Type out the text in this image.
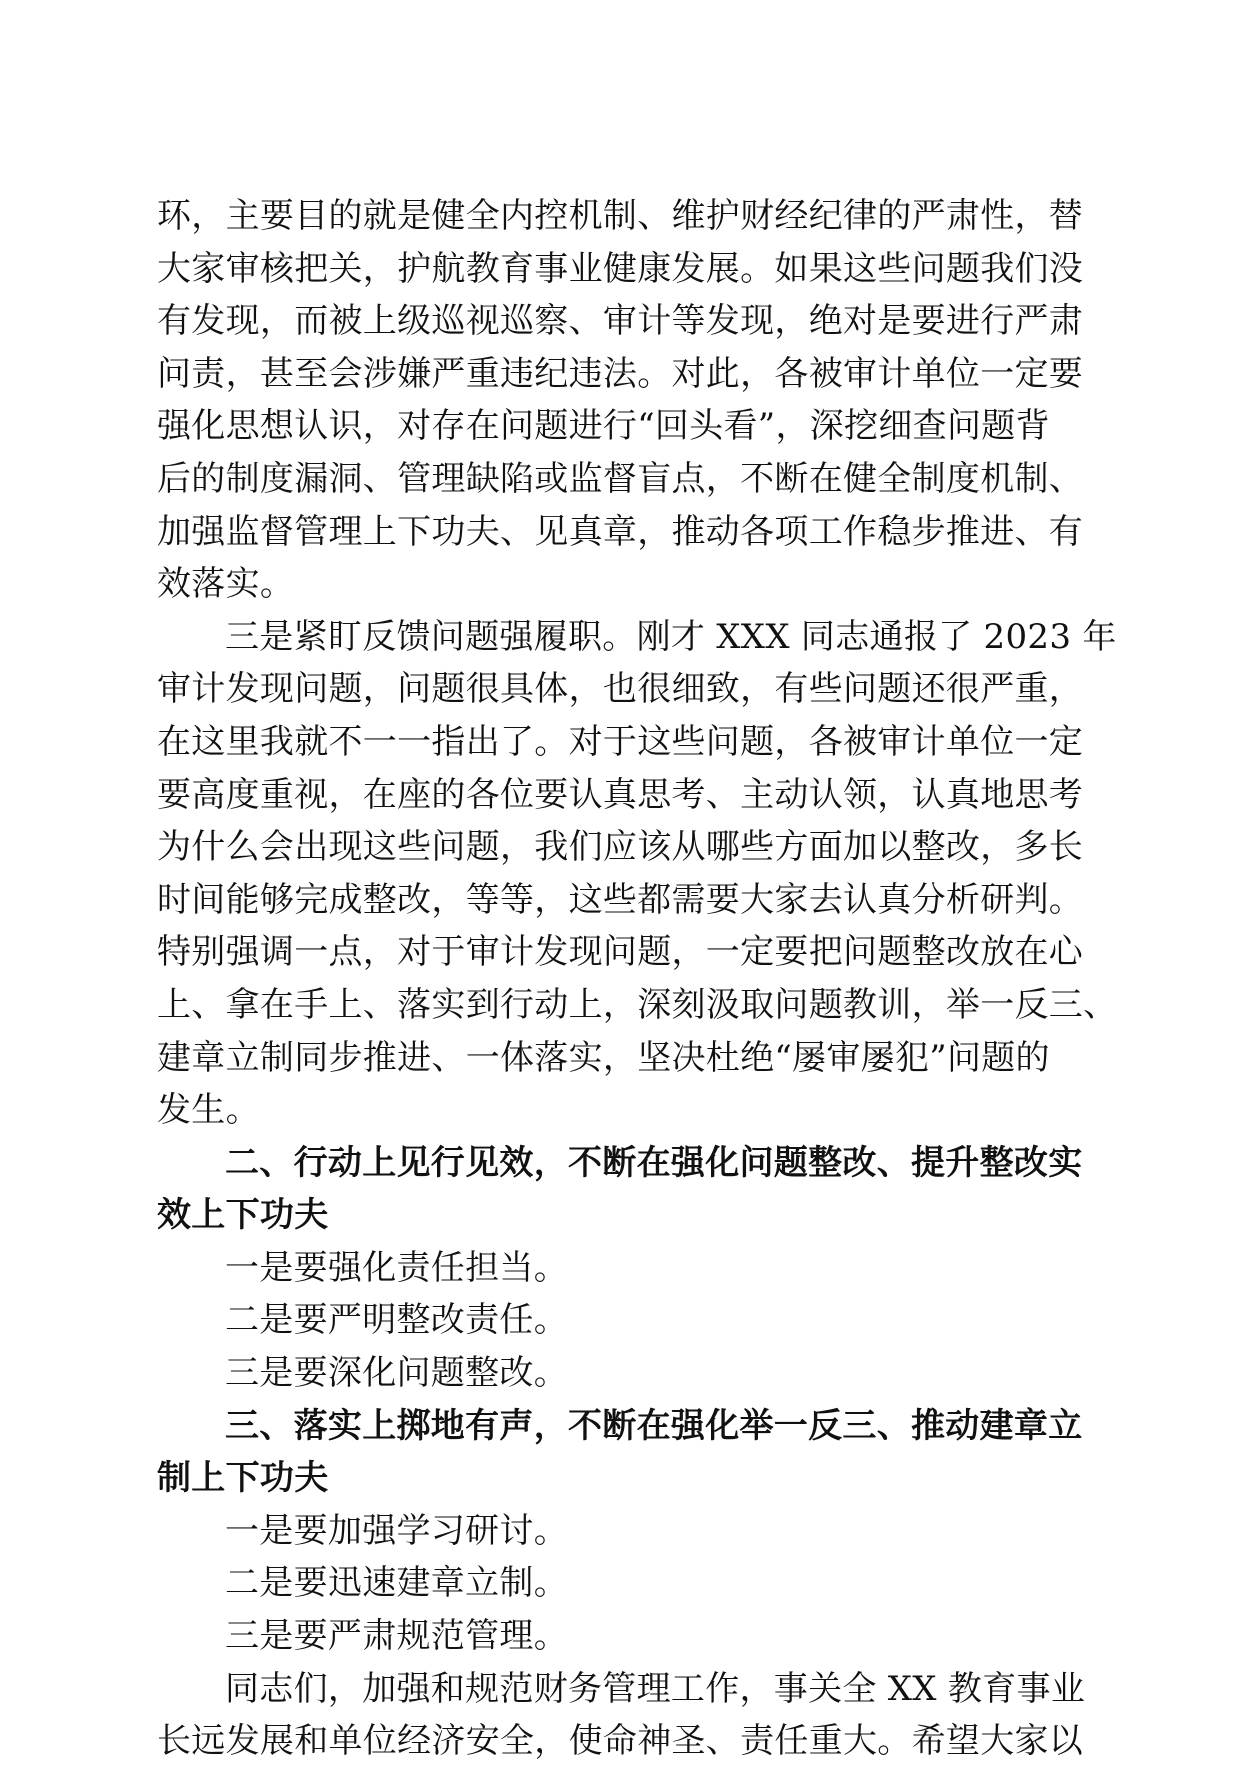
环，主要目的就是健全内控机制、维护财经纪律的严肃性，替
大家审核把关，护航教育事业健康发展。如果这些问题我们没
有发现，而被上级巡视巡察、审计等发现，绝对是要进行严肃
问责，甚至会涉嫌严重违纪违法。对此，各被审计单位一定要
强化思想认识，对存在问题进行“回头看”，深挖细查问题背
后的制度漏洞、管理缺陷或监督盲点，不断在健全制度机制、
加强监督管理上下功夫、见真章，推动各项工作稳步推进、有
效落实。
三是紧盯反馈问题强履职。刚才 XXX 同志通报了 2023 年
审计发现问题，问题很具体，也很细致，有些问题还很严重，
在这里我就不一一指出了。对于这些问题，各被审计单位一定
要高度重视，在座的各位要认真思考、主动认领，认真地思考
为什么会出现这些问题，我们应该从哪些方面加以整改，多长
时间能够完成整改，等等，这些都需要大家去认真分析研判。
特别强调一点，对于审计发现问题，一定要把问题整改放在心
上、拿在手上、落实到行动上，深刻汲取问题教训，举一反三、
建章立制同步推进、一体落实，坚决杜绝“屡审屡犯”问题的
发生。
二、行动上见行见效，不断在强化问题整改、提升整改实
效上下功夫
一是要强化责任担当。
二是要严明整改责任。
三是要深化问题整改。
三、落实上掷地有声，不断在强化举一反三、推动建章立
制上下功夫
一是要加强学习研讨。
二是要迅速建章立制。
三是要严肃规范管理。
同志们，加强和规范财务管理工作，事关全 XX 教育事业
长远发展和单位经济安全，使命神圣、责任重大。希望大家以
